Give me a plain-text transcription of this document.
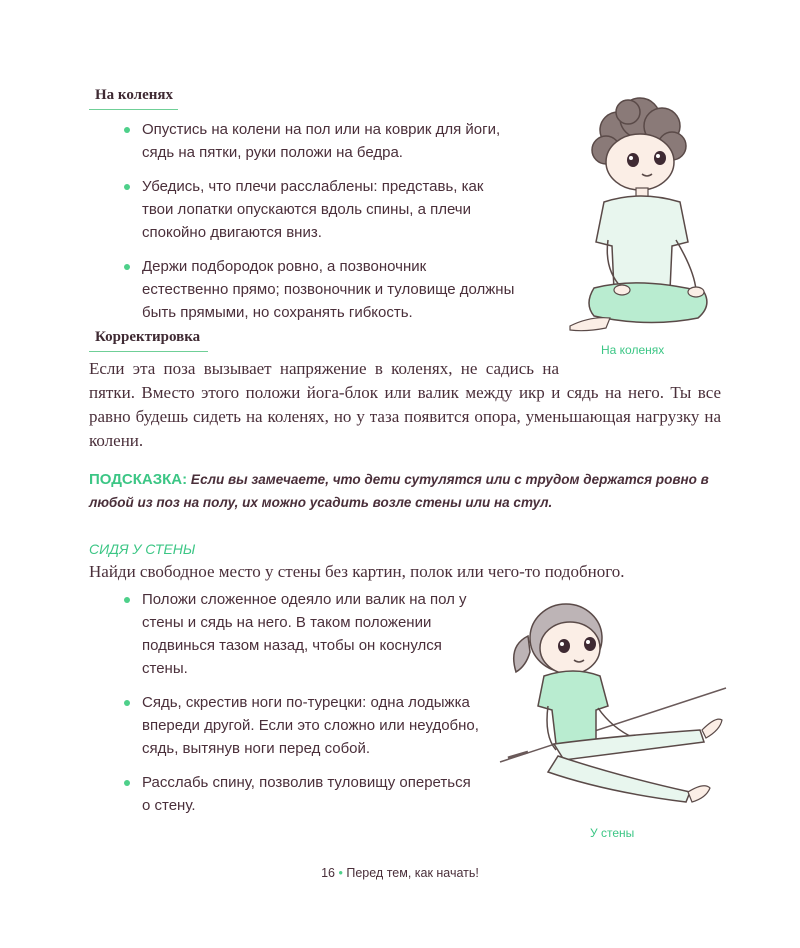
На коленях
Опустись на колени на пол или на коврик для йоги, сядь на пятки, руки положи на бедра.
Убедись, что плечи расслаблены: представь, как твои лопатки опускаются вдоль спины, а плечи спокойно двигаются вниз.
Держи подбородок ровно, а позвоночник естественно прямо; позвоночник и туловище должны быть прямыми, но сохранять гибкость.
На коленях
Корректировка
Если эта поза вызывает напряжение в коленях, не садись на
пятки. Вместо этого положи йога-блок или валик между икр и сядь на него. Ты все равно будешь сидеть на коленях, но у таза появится опора, уменьшающая нагрузку на колени.
ПОДСКАЗКА: Если вы замечаете, что дети сутулятся или с трудом держатся ровно в любой из поз на полу, их можно усадить возле стены или на стул.
СИДЯ У СТЕНЫ
Найди свободное место у стены без картин, полок или чего-то подобного.
Положи сложенное одеяло или валик на пол у стены и сядь на него. В таком положении подвинься тазом назад, чтобы он коснулся стены.
Сядь, скрестив ноги по-турецки: одна лодыжка впереди другой. Если это сложно или неудобно, сядь, вытянув ноги перед собой.
Расслабь спину, позволив туловищу опереться о стену.
У стены
16 • Перед тем, как начать!
